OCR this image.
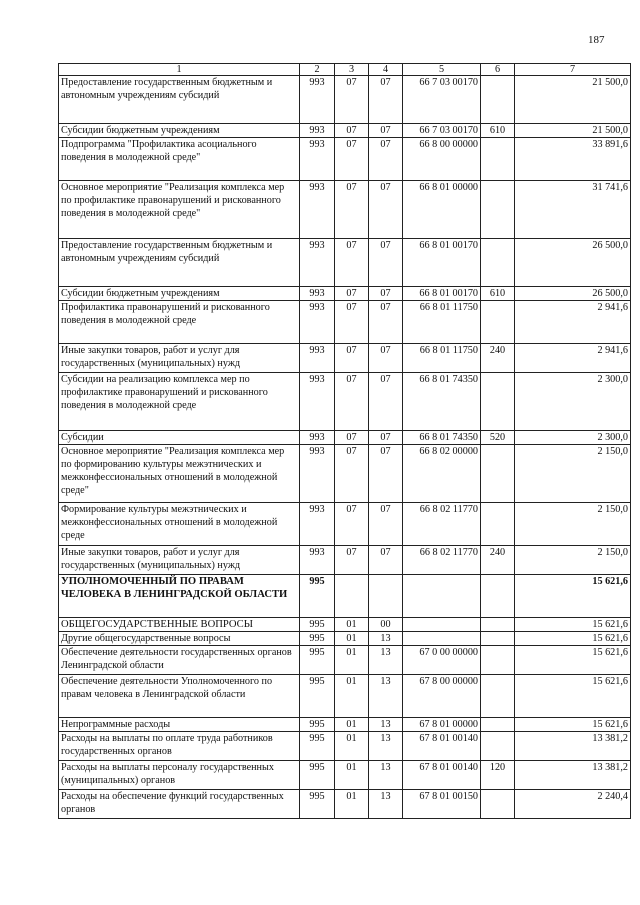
187
1	2	3	4	5	6	7
Предоставление государственным бюджетным и автономным учреждениям субсидий	993	07	07	66 7 03 00170		21 500,0
Субсидии бюджетным учреждениям	993	07	07	66 7 03 00170	610	21 500,0
Подпрограмма "Профилактика асоциального поведения в молодежной среде"	993	07	07	66 8 00 00000		33 891,6
Основное мероприятие "Реализация комплекса мер по профилактике правонарушений и рискованного поведения в молодежной среде"	993	07	07	66 8 01 00000		31 741,6
Предоставление государственным бюджетным и автономным учреждениям субсидий	993	07	07	66 8 01 00170		26 500,0
Субсидии бюджетным учреждениям	993	07	07	66 8 01 00170	610	26 500,0
Профилактика правонарушений и рискованного поведения в молодежной среде	993	07	07	66 8 01 11750		2 941,6
Иные закупки товаров, работ и услуг для государственных (муниципальных) нужд	993	07	07	66 8 01 11750	240	2 941,6
Субсидии на реализацию комплекса мер по профилактике правонарушений и рискованного поведения в молодежной среде	993	07	07	66 8 01 74350		2 300,0
Субсидии	993	07	07	66 8 01 74350	520	2 300,0
Основное мероприятие "Реализация комплекса мер по формированию культуры межэтнических и межконфессиональных отношений в молодежной среде"	993	07	07	66 8 02 00000		2 150,0
Формирование культуры межэтнических и межконфессиональных отношений в молодежной среде	993	07	07	66 8 02 11770		2 150,0
Иные закупки товаров, работ и услуг для государственных (муниципальных) нужд	993	07	07	66 8 02 11770	240	2 150,0
УПОЛНОМОЧЕННЫЙ ПО ПРАВАМ ЧЕЛОВЕКА В ЛЕНИНГРАДСКОЙ ОБЛАСТИ	995					15 621,6
ОБЩЕГОСУДАРСТВЕННЫЕ ВОПРОСЫ	995	01	00			15 621,6
Другие общегосударственные вопросы	995	01	13			15 621,6
Обеспечение деятельности государственных органов Ленинградской области	995	01	13	67 0 00 00000		15 621,6
Обеспечение деятельности Уполномоченного по правам человека в Ленинградской области	995	01	13	67 8 00 00000		15 621,6
Непрограммные расходы	995	01	13	67 8 01 00000		15 621,6
Расходы на выплаты по оплате труда работников государственных органов	995	01	13	67 8 01 00140		13 381,2
Расходы на выплаты персоналу государственных (муниципальных) органов	995	01	13	67 8 01 00140	120	13 381,2
Расходы на обеспечение функций государственных органов	995	01	13	67 8 01 00150		2 240,4
